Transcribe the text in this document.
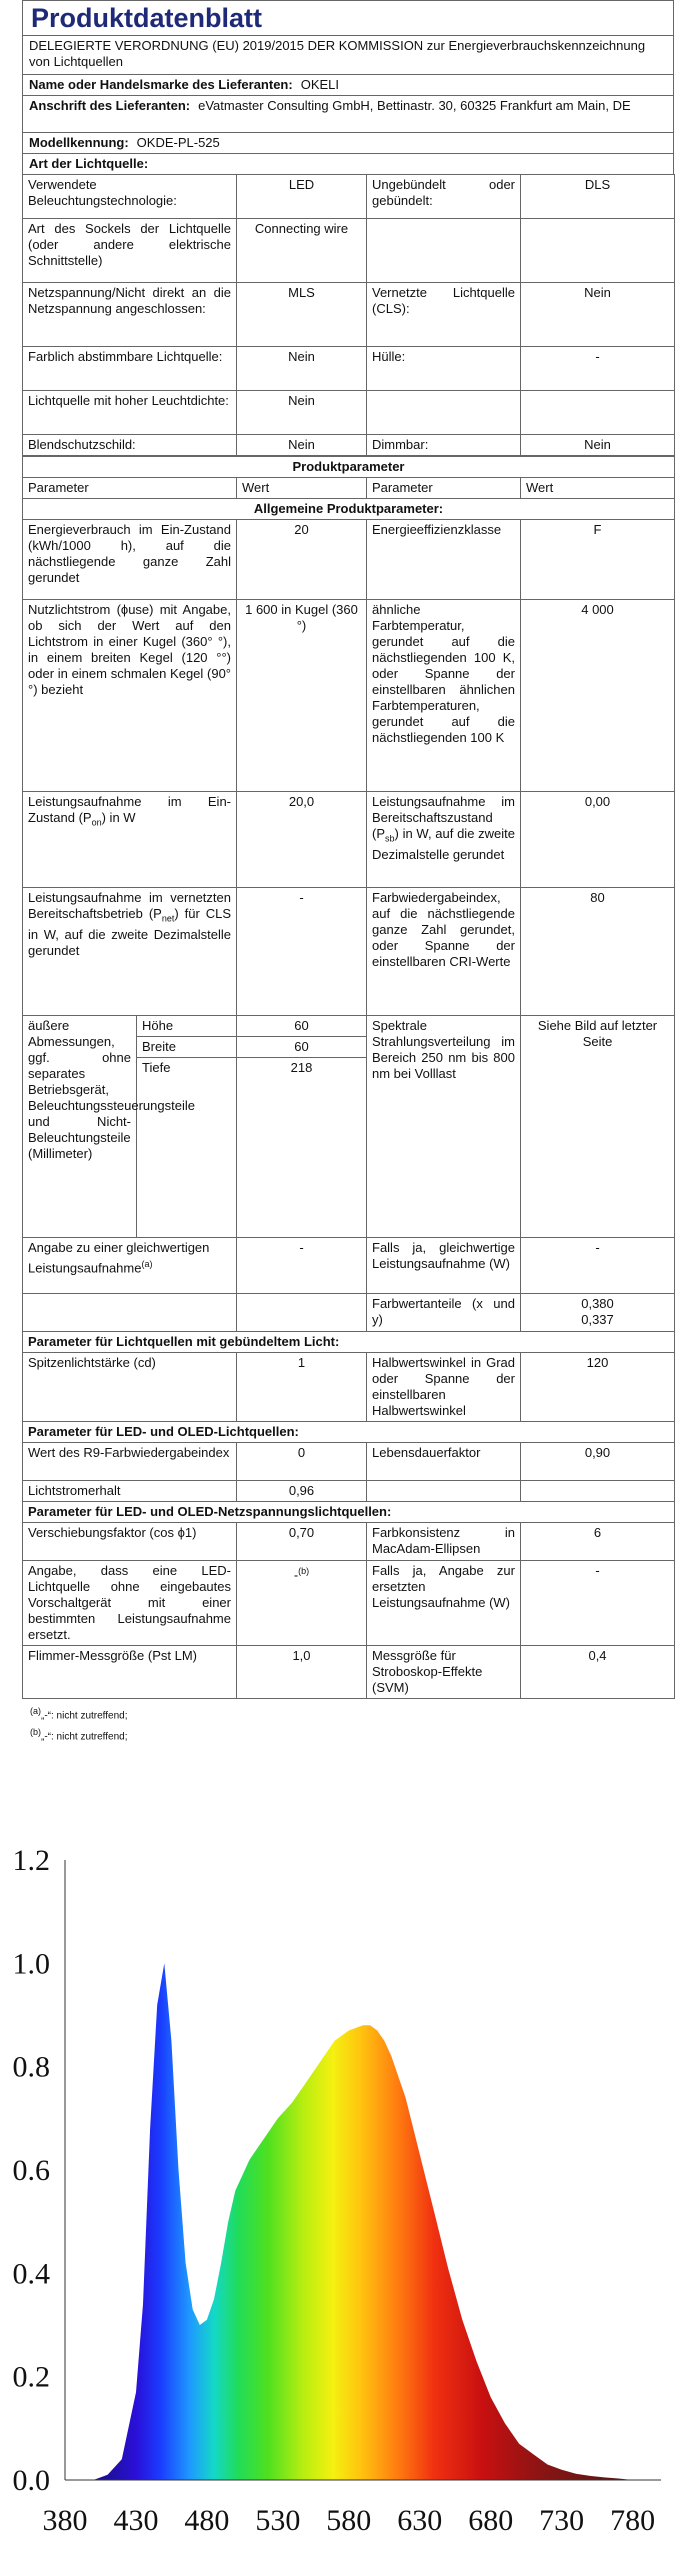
Produktdatenblatt
DELEGIERTE VERORDNUNG (EU) 2019/2015 DER KOMMISSION zur Energieverbrauchskennzeichnung von Lichtquellen
Name oder Handelsmarke des Lieferanten: OKELI
Anschrift des Lieferanten: eVatmaster Consulting GmbH, Bettinastr. 30, 60325 Frankfurt am Main, DE
Modellkennung: OKDE-PL-525
Art der Lichtquelle:
Verwendete Beleuchtungstechnologie:	LED	Ungebündelt oder gebündelt:	DLS
Art des Sockels der Lichtquelle (oder andere elektrische Schnittstelle)	Connecting wire		
Netzspannung/Nicht direkt an die Netzspannung angeschlossen:	MLS	Vernetzte Lichtquelle (CLS):	Nein
Farblich abstimmbare Lichtquelle:	Nein	Hülle:	-
Lichtquelle mit hoher Leuchtdichte:	Nein		
Blendschutzschild:	Nein	Dimmbar:	Nein
Produktparameter				
Parameter		Wert	Parameter	Wert
Allgemeine Produktparameter:				
Energieverbrauch im Ein-Zustand (kWh/1000 h), auf die nächstliegende ganze Zahl gerundet		20	Energieeffizienzklasse	F
Nutzlichtstrom (ϕuse) mit Angabe, ob sich der Wert auf den Lichtstrom in einer Kugel (360° °), in einem breiten Kegel (120 °°) oder in einem schmalen Kegel (90° °) bezieht		1 600 in Kugel (360 °)	ähnliche Farbtemperatur, gerundet auf die nächstliegenden 100 K, oder Spanne der einstellbaren ähnlichen Farbtemperaturen, gerundet auf die nächstliegenden 100 K	4 000
Leistungsaufnahme im Ein-Zustand $(P_{on})$ in W		20,0	Leistungsaufnahme im Bereitschaftszustand $(P_{sb})$ in W, auf die zweite Dezimalstelle gerundet	0,00
Leistungsaufnahme im vernetzten Bereitschaftsbetrieb $(P_{net})$ für CLS in W, auf die zweite Dezimalstelle gerundet		-	Farbwiedergabeindex, auf die nächstliegende ganze Zahl gerundet, oder Spanne der einstellbaren CRI-Werte	80
äußere Abmessungen, ggf. ohne separates Betriebsgerät, Beleuchtungssteuerungsteile und Nicht-Beleuchtungsteile (Millimeter)	Höhe	60	Spektrale Strahlungsverteilung im Bereich 250 nm bis 800 nm bei Volllast	Siehe Bild auf letzter Seite
	Breite	60		
	Tiefe	218		
Angabe zu einer gleichwertigen Leistungsaufnahme$^{(a)}$		-	Falls ja, gleichwertige Leistungsaufnahme (W)	-
			Farbwertanteile (x und y)	0,380
0,337

Parameter für Lichtquellen mit gebündeltem Licht:				
Spitzenlichtstärke (cd)		1	Halbwertswinkel in Grad oder Spanne der einstellbaren Halbwertswinkel	120
Parameter für LED- und OLED-Lichtquellen:				
Wert des R9-Farbwiedergabeindex		0	Lebensdauerfaktor	0,90
Lichtstromerhalt		0,96		
Parameter für LED- und OLED-Netzspannungslichtquellen:				
Verschiebungsfaktor (cos ϕ1)		0,70	Farbkonsistenz in MacAdam-Ellipsen	6
Angabe, dass eine LED-Lichtquelle ohne eingebautes Vorschaltgerät mit einer bestimmten Leistungsaufnahme ersetzt.		-$^{(b)}$	Falls ja, Angabe zur ersetzten Leistungsaufnahme (W)	-
Flimmer-Messgröße (Pst LM)		1,0	Messgröße für Stroboskop-Effekte (SVM)	0,4
$^{(a)}$„-“: nicht zutreffend;
$^{(b)}$„-“: nicht zutreffend;
0.0
0.2
0.4
0.6
0.8
1.0
1.2
380 430 480 530 580 630 680 730 780
